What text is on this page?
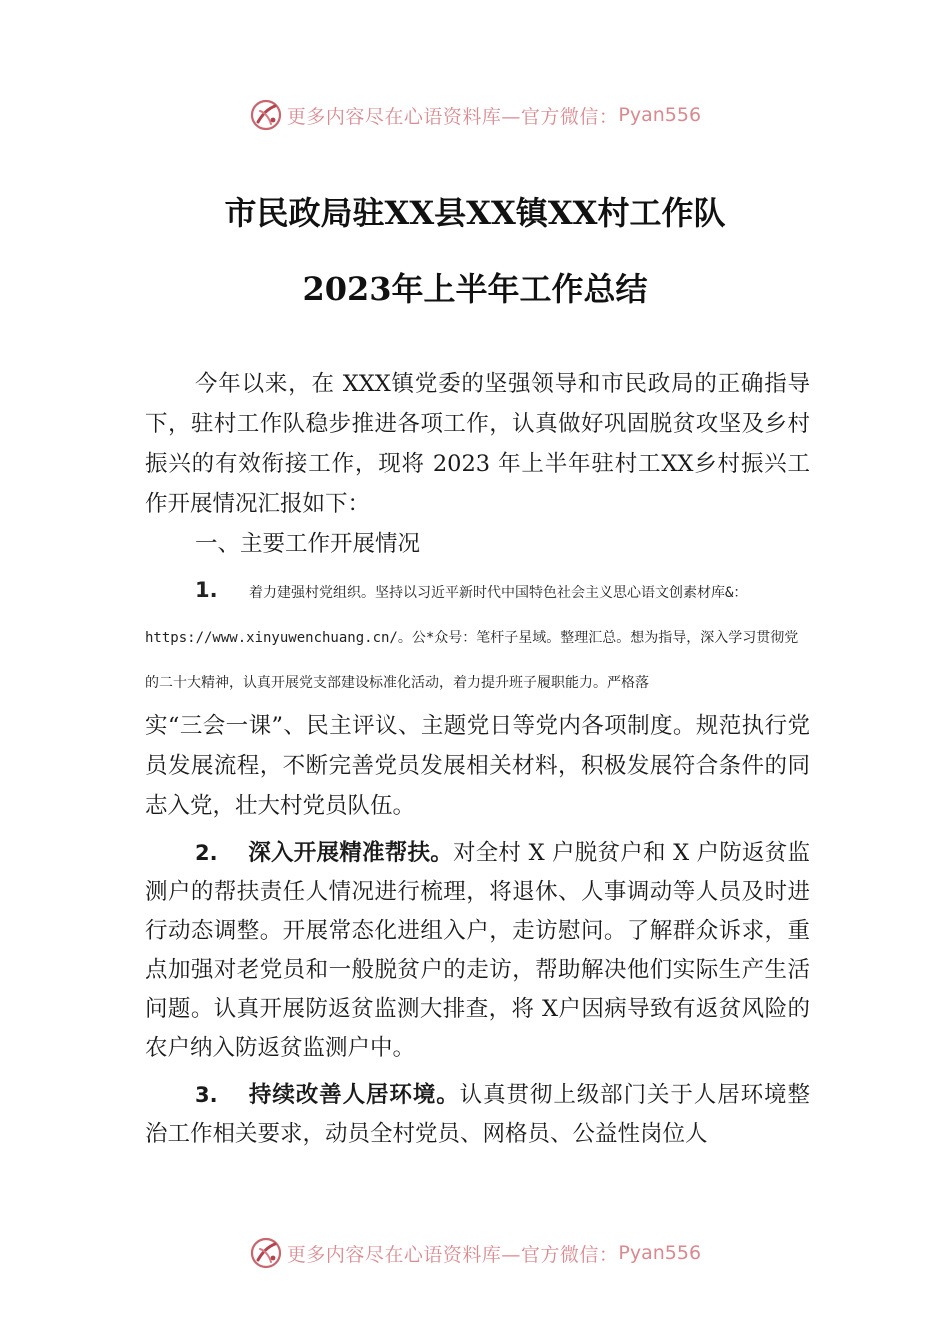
更多内容尽在心语资料库—官方微信： Pyan556
市民政局驻XX县XX镇XX村工作队
2023年上半年工作总结

今年以来，在 XXX镇党委的坚强领导和市民政局的正确指导下，驻村工作队稳步推进各项工作，认真做好巩固脱贫攻坚及乡村振兴的有效衔接工作，现将 2023 年上半年驻村工XX乡村振兴工作开展情况汇报如下：

一、主要工作开展情况

1. 着力建强村党组织。坚持以习近平新时代中国特色社会主义思心语文创素材库&：https://www.xinyuwenchuang.cn/。公*众号：笔杆子星域。整理汇总。想为指导，深入学习贯彻党的二十大精神，认真开展党支部建设标准化活动，着力提升班子履职能力。严格落

实“三会一课”、民主评议、主题党日等党内各项制度。规范执行党员发展流程，不断完善党员发展相关材料，积极发展符合条件的同志入党，壮大村党员队伍。

2. 深入开展精准帮扶。对全村 X 户脱贫户和 X 户防返贫监测户的帮扶责任人情况进行梳理，将退休、人事调动等人员及时进行动态调整。开展常态化进组入户，走访慰问。了解群众诉求，重点加强对老党员和一般脱贫户的走访，帮助解决他们实际生产生活问题。认真开展防返贫监测大排查，将 X户因病导致有返贫风险的农户纳入防返贫监测户中。

3. 持续改善人居环境。认真贯彻上级部门关于人居环境整治工作相关要求，动员全村党员、网格员、公益性岗位人

更多内容尽在心语资料库—官方微信： Pyan556
